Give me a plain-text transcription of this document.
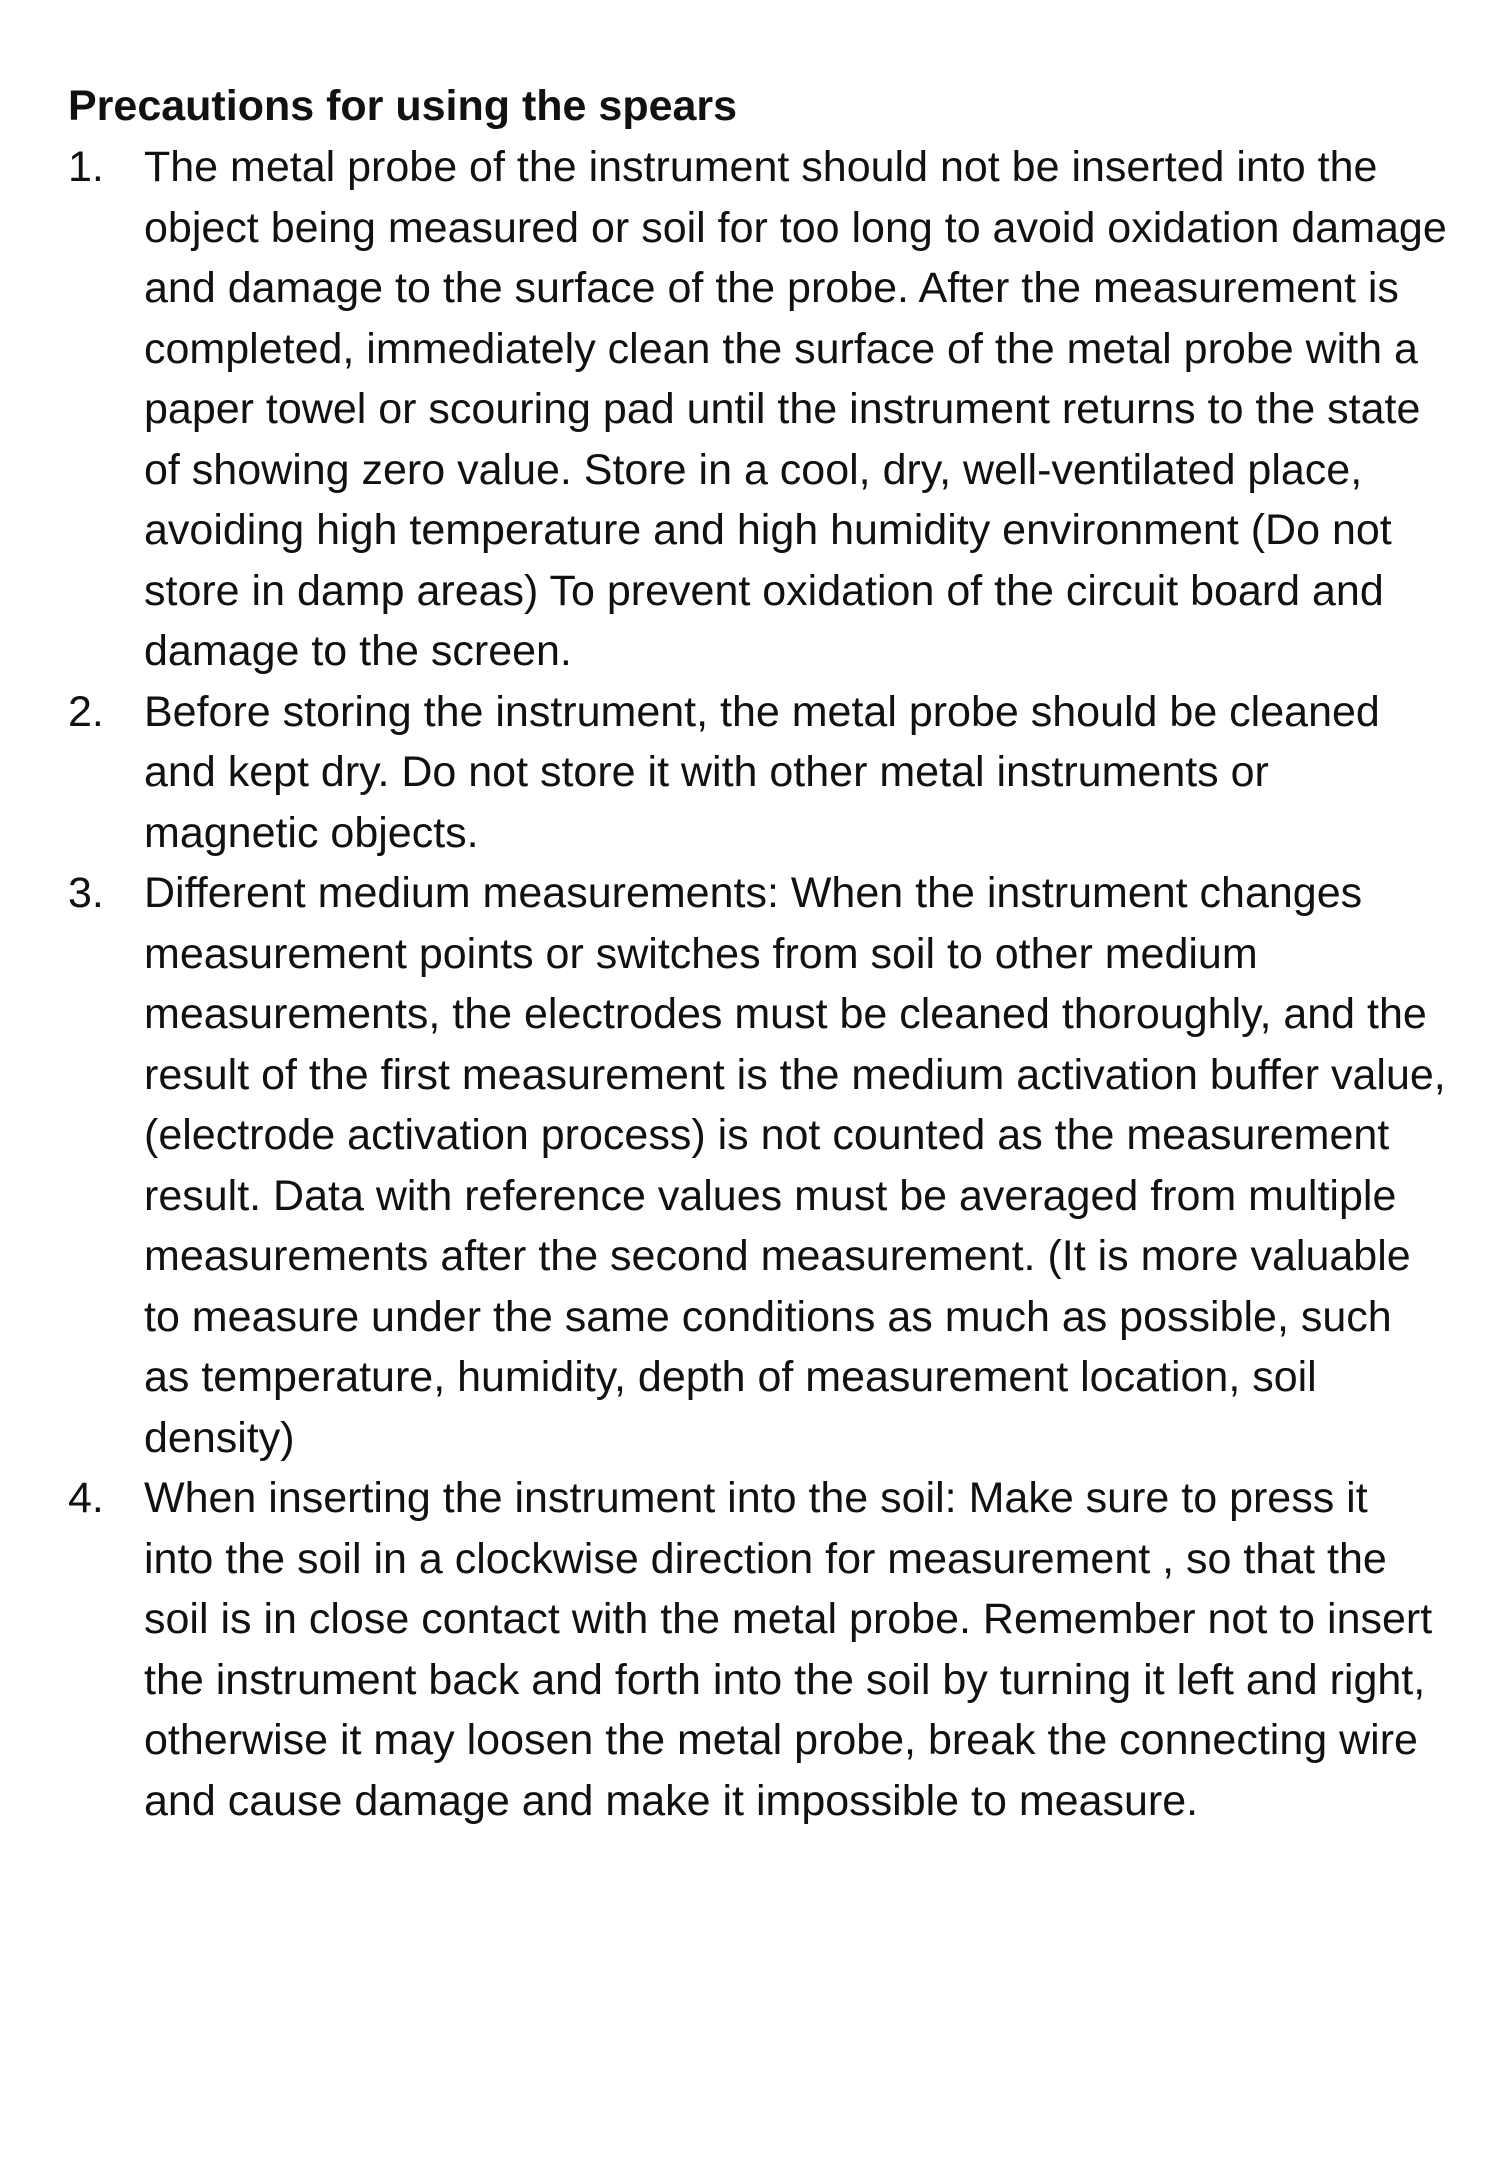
Precautions for using the spears
1. The metal probe of the instrument should not be inserted into the object being measured or soil for too long to avoid oxidation damage and damage to the surface of the probe. After the measurement is completed, immediately clean the surface of the metal probe with a paper towel or scouring pad until the instrument returns to the state of showing zero value. Store in a cool, dry, well-ventilated place, avoiding high temperature and high humidity environment (Do not store in damp areas) To prevent oxidation of the circuit board and damage to the screen.
2. Before storing the instrument, the metal probe should be cleaned and kept dry. Do not store it with other metal instruments or magnetic objects.
3. Different medium measurements: When the instrument changes measurement points or switches from soil to other medium measurements, the electrodes must be cleaned thoroughly, and the result of the first measurement is the medium activation buffer value, (electrode activation process) is not counted as the measurement result. Data with reference values must be averaged from multiple measurements after the second measurement. (It is more valuable to measure under the same conditions as much as possible, such as temperature, humidity, depth of measurement location, soil density)
4. When inserting the instrument into the soil: Make sure to press it into the soil in a clockwise direction for measurement , so that the soil is in close contact with the metal probe. Remember not to insert the instrument back and forth into the soil by turning it left and right, otherwise it may loosen the metal probe, break the connecting wire and cause damage and make it impossible to measure.
